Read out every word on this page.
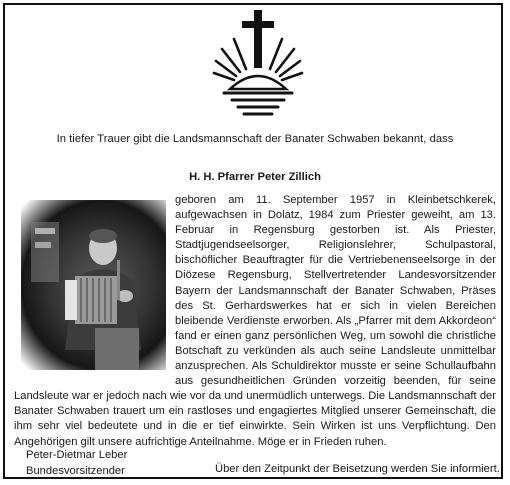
In tiefer Trauer gibt die Landsmannschaft der Banater Schwaben bekannt, dass
H. H. Pfarrer Peter Zillich

geboren am 11. September 1957 in Kleinbetschkerek, aufgewachsen in Dolatz, 1984 zum Priester geweiht, am 13. Februar in Regensburg gestorben ist. Als Priester, Stadtjugendseelsorger, Religionslehrer, Schulpastoral, bischöflicher Beauftragter für die Vertriebenenseelsorge in der Diözese Regensburg, Stellvertretender Landesvorsitzender Bayern der Landsmannschaft der Banater Schwaben, Präses des St. Gerhardswerkes hat er sich in vielen Bereichen bleibende Verdienste erworben. Als „Pfarrer mit dem Akkordeon“ fand er einen ganz persönlichen Weg, um sowohl die christliche Botschaft zu verkünden als auch seine Landsleute unmittelbar anzusprechen. Als Schuldirektor musste er seine Schullaufbahn aus gesundheitlichen Gründen vorzeitig beenden, für seine Landsleute war er jedoch nach wie vor da und unermüdlich unterwegs. Die Landsmannschaft der Banater Schwaben trauert um ein rastloses und engagiertes Mitglied unserer Gemeinschaft, die ihm sehr viel bedeutete und in die er tief einwirkte. Sein Wirken ist uns Verpflichtung. Den Angehörigen gilt unsere aufrichtige Anteilnahme. Möge er in Frieden ruhen.

Peter-Dietmar Leber
Bundesvorsitzender	Über den Zeitpunkt der Beisetzung werden Sie informiert.
